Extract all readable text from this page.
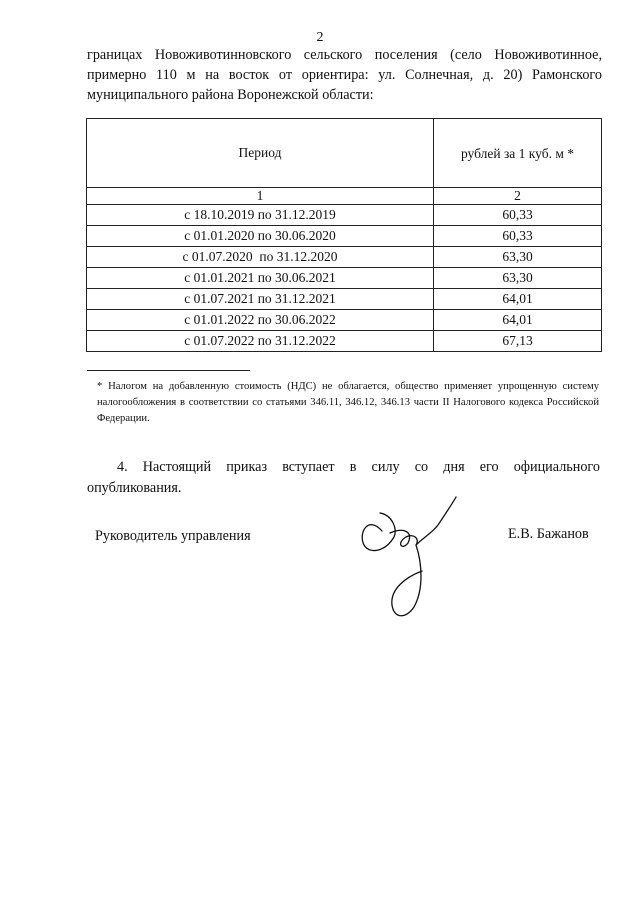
2
границах Новоживотинновского сельского поселения (село Новоживотинное, примерно 110 м на восток от ориентира: ул. Солнечная, д. 20) Рамонского муниципального района Воронежской области:
Период	рублей за 1 куб. м *
1	2
с 18.10.2019 по 31.12.2019	60,33
с 01.01.2020 по 30.06.2020	60,33
с 01.07.2020  по 31.12.2020	63,30
с 01.01.2021 по 30.06.2021	63,30
с 01.07.2021 по 31.12.2021	64,01
с 01.01.2022 по 30.06.2022	64,01
с 01.07.2022 по 31.12.2022	67,13
* Налогом на добавленную стоимость (НДС) не облагается, общество применяет упрощенную систему налогообложения в соответствии со статьями 346.11, 346.12, 346.13 части II Налогового кодекса Российской Федерации.
4.  Настоящий  приказ  вступает  в  силу  со  дня  его  официального опубликования.
Руководитель управления	Е.В. Бажанов
